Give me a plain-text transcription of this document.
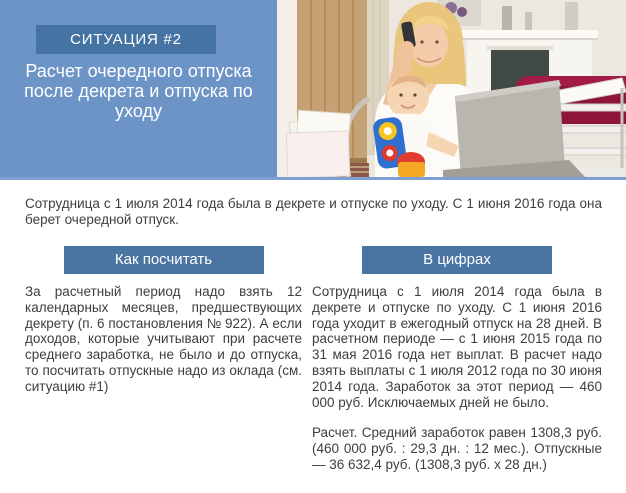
СИТУАЦИЯ #2
Расчет очередного отпуска после декрета и отпуска по уходу
Сотрудница с 1 июля 2014 года была в декрете и отпуске по уходу. С 1 июня 2016 года она берет очередной отпуск.
Как посчитать

За расчетный период надо взять 12 календарных месяцев, предшествующих декрету (п. 6 постановления № 922). А если доходов, которые учитывают при расчете среднего заработка, не было и до отпуска, то посчитать отпускные надо из оклада (см. ситуацию #1)

В цифрах

Сотрудница с 1 июля 2014 года была в декрете и отпуске по уходу. С 1 июня 2016 года уходит в ежегодный отпуск на 28 дней. В расчетном периоде — с 1 июня 2015 года по 31 мая 2016 года нет выплат. В расчет надо взять выплаты с 1 июля 2012 года по 30 июня 2014 года. Заработок за этот период — 460 000 руб. Исключаемых дней не было.

Расчет. Средний заработок равен 1308,3 руб. (460 000 руб. : 29,3 дн. : 12 мес.). Отпускные — 36 632,4 руб. (1308,3 руб. x 28 дн.)
